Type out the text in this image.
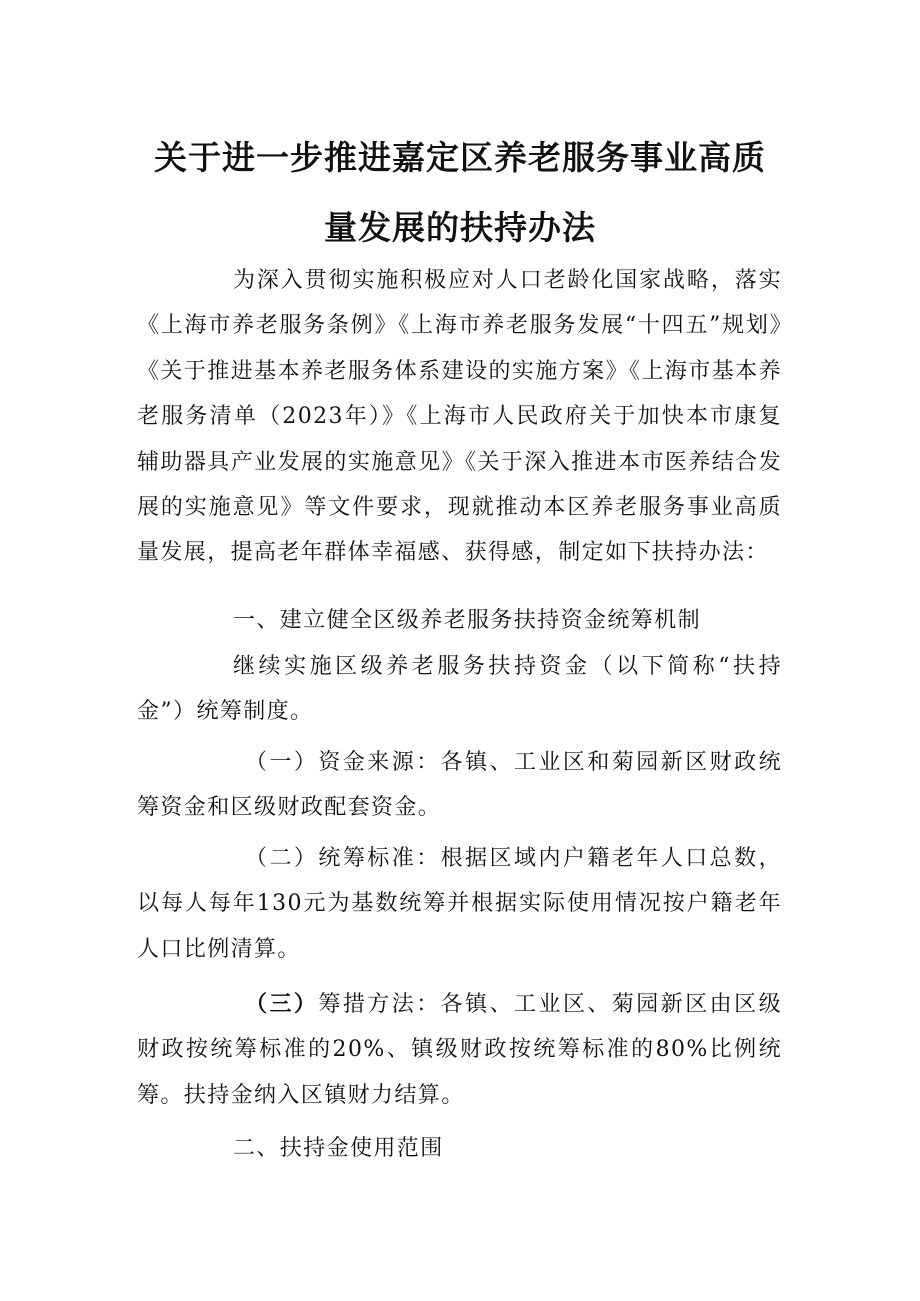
关于进一步推进嘉定区养老服务事业高质
量发展的扶持办法

为深入贯彻实施积极应对人口老龄化国家战略，落实《上海市养老服务条例》《上海市养老服务发展“十四五”规划》《关于推进基本养老服务体系建设的实施方案》《上海市基本养老服务清单（2023年）》《上海市人民政府关于加快本市康复辅助器具产业发展的实施意见》《关于深入推进本市医养结合发展的实施意见》等文件要求，现就推动本区养老服务事业高质量发展，提高老年群体幸福感、获得感，制定如下扶持办法：

一、建立健全区级养老服务扶持资金统筹机制

继续实施区级养老服务扶持资金（以下简称“扶持金”）统筹制度。

（一）资金来源：各镇、工业区和菊园新区财政统筹资金和区级财政配套资金。

（二）统筹标准：根据区域内户籍老年人口总数，以每人每年130元为基数统筹并根据实际使用情况按户籍老年人口比例清算。

（三）筹措方法：各镇、工业区、菊园新区由区级财政按统筹标准的20%、镇级财政按统筹标准的80%比例统筹。扶持金纳入区镇财力结算。

二、扶持金使用范围
